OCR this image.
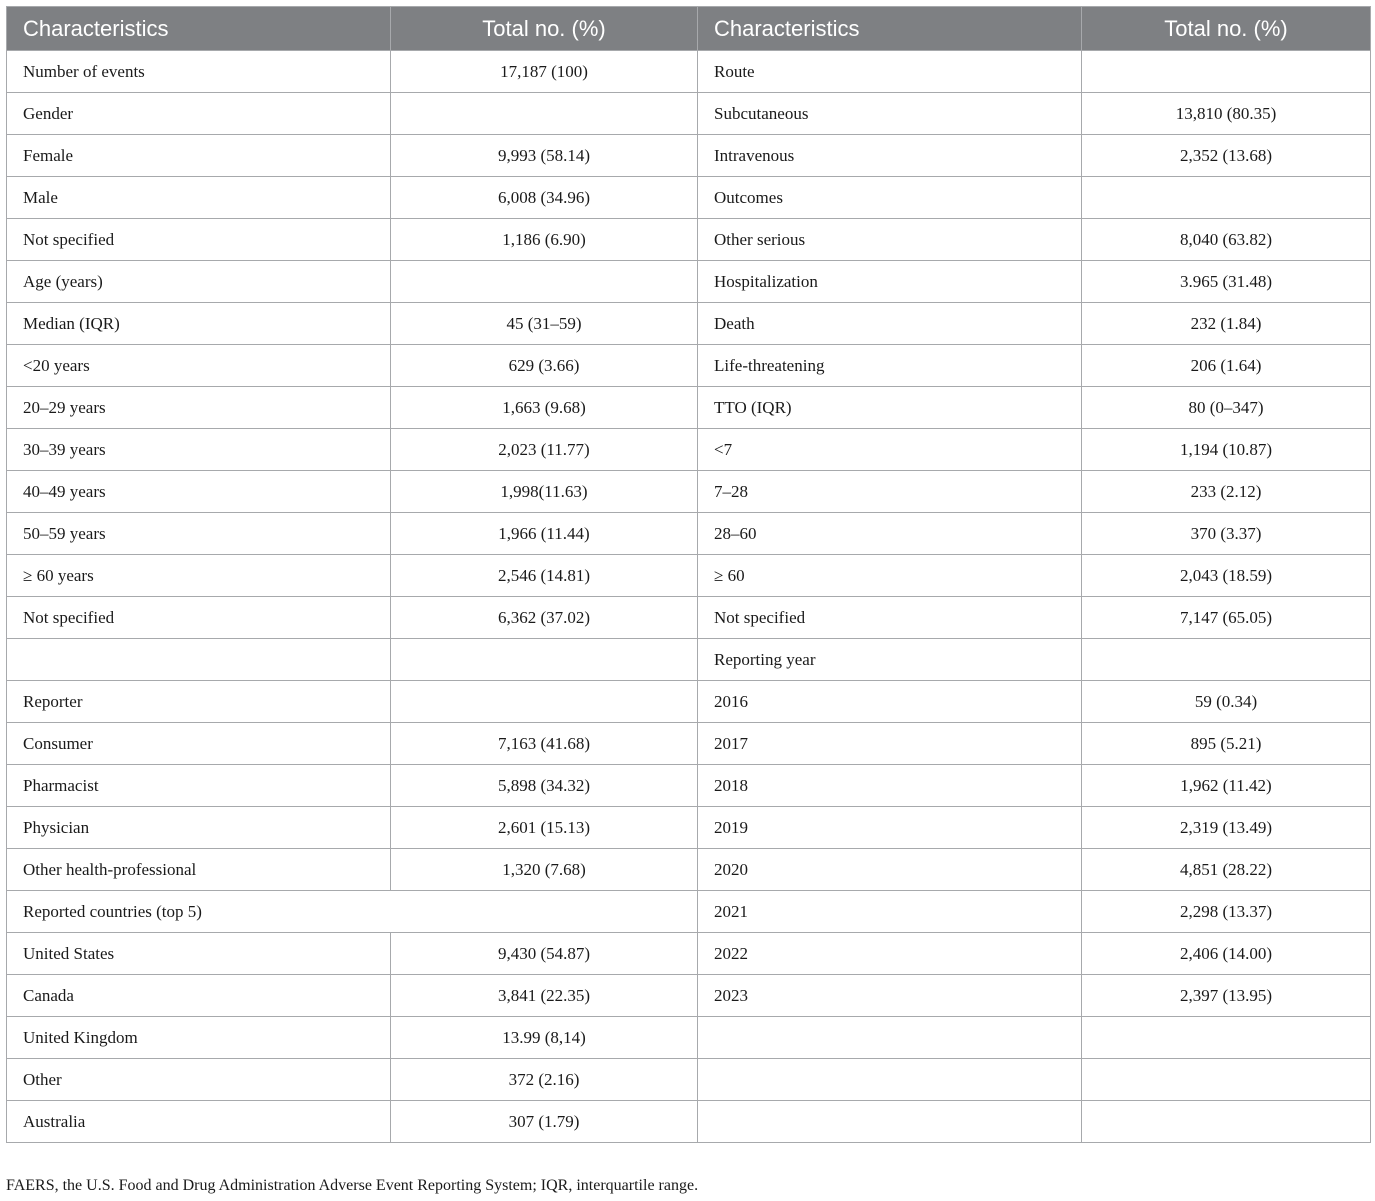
Characteristics	Total no. (%)	Characteristics	Total no. (%)
Number of events	17,187 (100)	Route	
Gender		Subcutaneous	13,810 (80.35)
Female	9,993 (58.14)	Intravenous	2,352 (13.68)
Male	6,008 (34.96)	Outcomes	
Not specified	1,186 (6.90)	Other serious	8,040 (63.82)
Age (years)		Hospitalization	3.965 (31.48)
Median (IQR)	45 (31–59)	Death	232 (1.84)
<20 years	629 (3.66)	Life-threatening	206 (1.64)
20–29 years	1,663 (9.68)	TTO (IQR)	80 (0–347)
30–39 years	2,023 (11.77)	<7	1,194 (10.87)
40–49 years	1,998(11.63)	7–28	233 (2.12)
50–59 years	1,966 (11.44)	28–60	370 (3.37)
≥ 60 years	2,546 (14.81)	≥ 60	2,043 (18.59)
Not specified	6,362 (37.02)	Not specified	7,147 (65.05)
		Reporting year	
Reporter		2016	59 (0.34)
Consumer	7,163 (41.68)	2017	895 (5.21)
Pharmacist	5,898 (34.32)	2018	1,962 (11.42)
Physician	2,601 (15.13)	2019	2,319 (13.49)
Other health-professional	1,320 (7.68)	2020	4,851 (28.22)
Reported countries (top 5)		2021	2,298 (13.37)
United States	9,430 (54.87)	2022	2,406 (14.00)
Canada	3,841 (22.35)	2023	2,397 (13.95)
United Kingdom	13.99 (8,14)		
Other	372 (2.16)		
Australia	307 (1.79)		
FAERS, the U.S. Food and Drug Administration Adverse Event Reporting System; IQR, interquartile range.
